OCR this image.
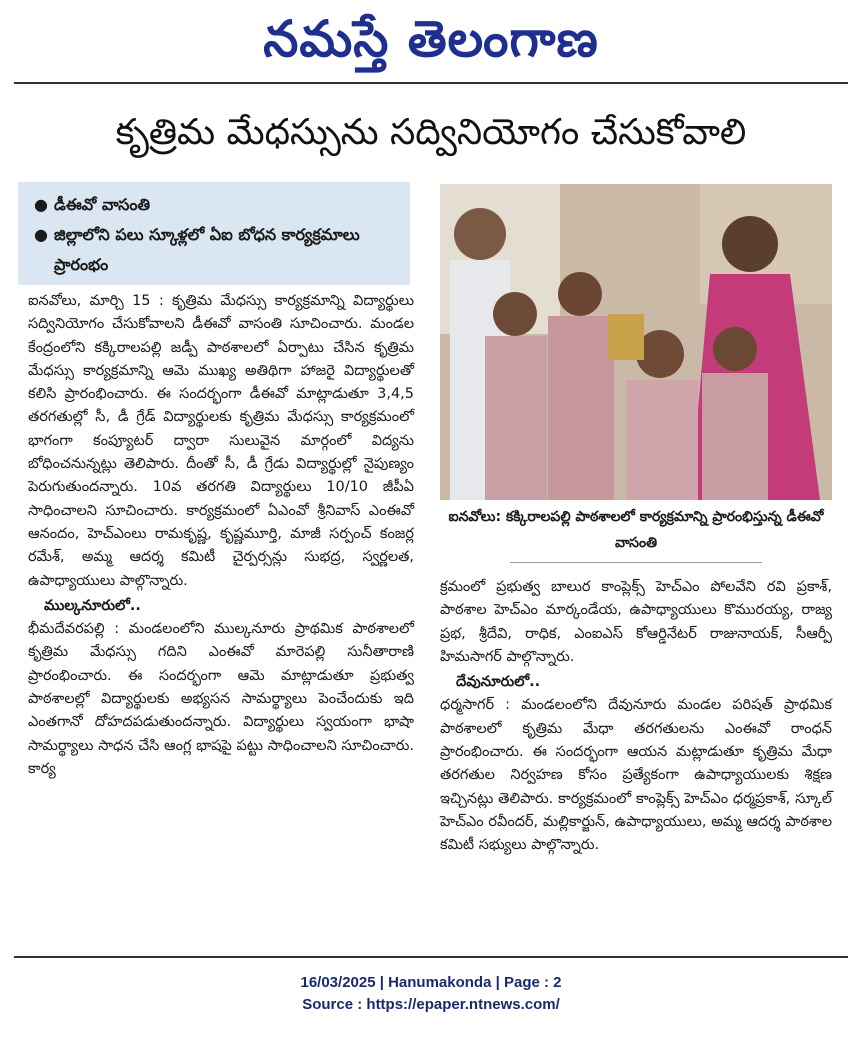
నమస్తే తెలంగాణ
కృత్రిమ మేధస్సును సద్వినియోగం చేసుకోవాలి
● డీఈవో వాసంతి
● జిల్లాలోని పలు స్కూళ్లలో ఏఐ బోధన కార్యక్రమాలు ప్రారంభం
ఐనవోలు: కక్కిరాలపల్లి పాఠశాలలో కార్యక్రమాన్ని ప్రారంభిస్తున్న డీఈవో వాసంతి

ఐనవోలు, మార్చి 15 : కృత్రిమ మేధస్సు కార్యక్రమాన్ని విద్యార్థులు సద్వినియోగం చేసుకోవాలని డీఈవో వాసంతి సూచించారు. మండల కేంద్రంలోని కక్కిరాలపల్లి జడ్పీ పాఠశాలలో ఏర్పాటు చేసిన కృత్రిమ మేధస్సు కార్యక్రమాన్ని ఆమె ముఖ్య అతిథిగా హాజరై విద్యార్థులతో కలిసి ప్రారంభించారు. ఈ సందర్భంగా డీఈవో మాట్లాడుతూ 3,4,5 తరగతుల్లో సీ, డీ గ్రేడ్ విద్యార్థులకు కృత్రిమ మేధస్సు కార్యక్రమంలో భాగంగా కంప్యూటర్ ద్వారా సులువైన మార్గంలో విద్యను బోధించనున్నట్లు తెలిపారు. దీంతో సీ, డీ గ్రేడు విద్యార్థుల్లో నైపుణ్యం పెరుగుతుందన్నారు. 10వ తరగతి విద్యార్థులు 10/10 జీపీఏ సాధించాలని సూచించారు. కార్యక్రమంలో ఏఎంవో శ్రీనివాస్ ఎంఈవో ఆనందం, హెచ్ఎంలు రామకృష్ణ, కృష్ణమూర్తి, మాజీ సర్పంచ్ కంజర్ల రమేశ్, అమ్మ ఆదర్శ కమిటీ చైర్పర్సన్లు సుభద్ర, స్వర్ణలత, ఉపాధ్యాయులు పాల్గొన్నారు.

ముల్కనూరులో..

భీమదేవరపల్లి : మండలంలోని ముల్కనూరు ప్రాథమిక పాఠశాలలో కృత్రిమ మేధస్సు గదిని ఎంఈవో మారెపల్లి సునీతారాణి ప్రారంభించారు. ఈ సందర్భంగా ఆమె మాట్లాడుతూ ప్రభుత్వ పాఠశాలల్లో విద్యార్థులకు అభ్యసన సామర్థ్యాలు పెంచేందుకు ఇది ఎంతగానో దోహదపడుతుందన్నారు. విద్యార్థులు స్వయంగా భాషా సామర్థ్యాలు సాధన చేసి ఆంగ్ల భాషపై పట్టు సాధించాలని సూచించారు. కార్య

క్రమంలో ప్రభుత్వ బాలుర కాంప్లెక్స్ హెచ్ఎం పోలవేని రవి ప్రకాశ్, పాఠశాల హెచ్ఎం మార్కండేయ, ఉపాధ్యాయులు కొమురయ్య, రాజ్య ప్రభ, శ్రీదేవి, రాధిక, ఎంఐఎస్ కోఆర్డినేటర్ రాజునాయక్, సీఆర్పీ హిమసాగర్ పాల్గొన్నారు.

దేవునూరులో..

ధర్మసాగర్ : మండలంలోని దేవునూరు మండల పరిషత్ ప్రాథమిక పాఠశాలలో కృత్రిమ మేధా తరగతులను ఎంఈవో రాంధన్ ప్రారంభించారు. ఈ సందర్భంగా ఆయన మట్లాడుతూ కృత్రిమ మేధా తరగతుల నిర్వహణ కోసం ప్రత్యేకంగా ఉపాధ్యాయులకు శిక్షణ ఇచ్చినట్లు తెలిపారు. కార్యక్రమంలో కాంప్లెక్స్ హెచ్ఎం ధర్మప్రకాశ్, స్కూల్ హెచ్ఎం రవీందర్, మల్లికార్జున్, ఉపాధ్యాయులు, అమ్మ ఆదర్శ పాఠశాల కమిటీ సభ్యులు పాల్గొన్నారు.

16/03/2025 | Hanumakonda | Page : 2
Source : https://epaper.ntnews.com/
